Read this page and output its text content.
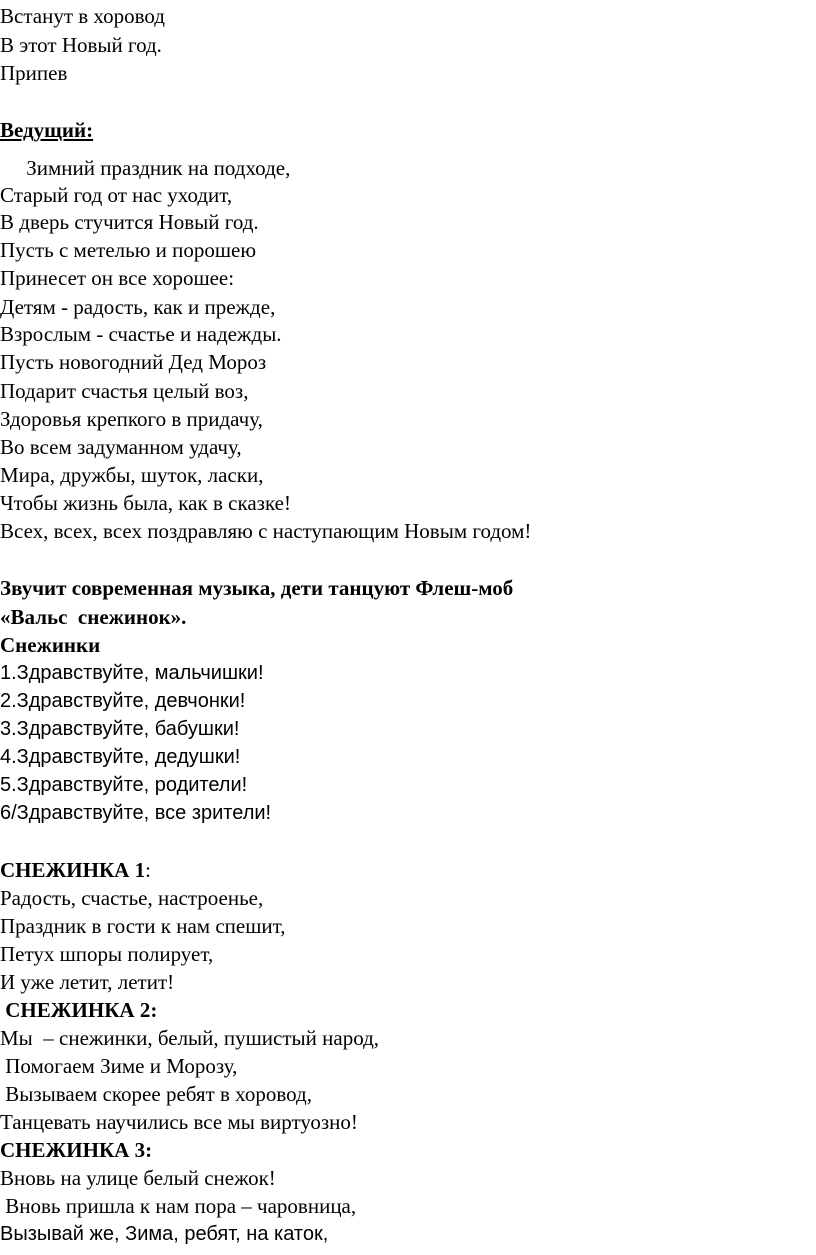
Встанут в хоровод
В этот Новый год.
Припев
Ведущий:
Зимний праздник на подходе,
Старый год от нас уходит,
В дверь стучится Новый год.
Пусть с метелью и порошею
Принесет он все хорошее:
Детям - радость, как и прежде,
Взрослым - счастье и надежды.
Пусть новогодний Дед Мороз
Подарит счастья целый воз,
Здоровья крепкого в придачу,
Во всем задуманном удачу,
Мира, дружбы, шуток, ласки,
Чтобы жизнь была, как в сказке!
Всех, всех, всех поздравляю с наступающим Новым годом!
Звучит современная музыка, дети танцуют Флеш-моб
«Вальс  снежинок».
Снежинки
1.Здравствуйте, мальчишки!
2.Здравствуйте, девчонки!
3.Здравствуйте, бабушки!
4.Здравствуйте, дедушки!
5.Здравствуйте, родители!
6/Здравствуйте, все зрители!
СНЕЖИНКА 1:
Радость, счастье, настроенье,
Праздник в гости к нам спешит,
Петух шпоры полирует,
И уже летит, летит!
СНЕЖИНКА 2:
Мы  – снежинки, белый, пушистый народ,
Помогаем Зиме и Морозу,
Вызываем скорее ребят в хоровод,
Танцевать научились все мы виртуозно!
СНЕЖИНКА 3:
Вновь на улице белый снежок!
Вновь пришла к нам пора – чаровница,
Вызывай же, Зима, ребят, на каток,
